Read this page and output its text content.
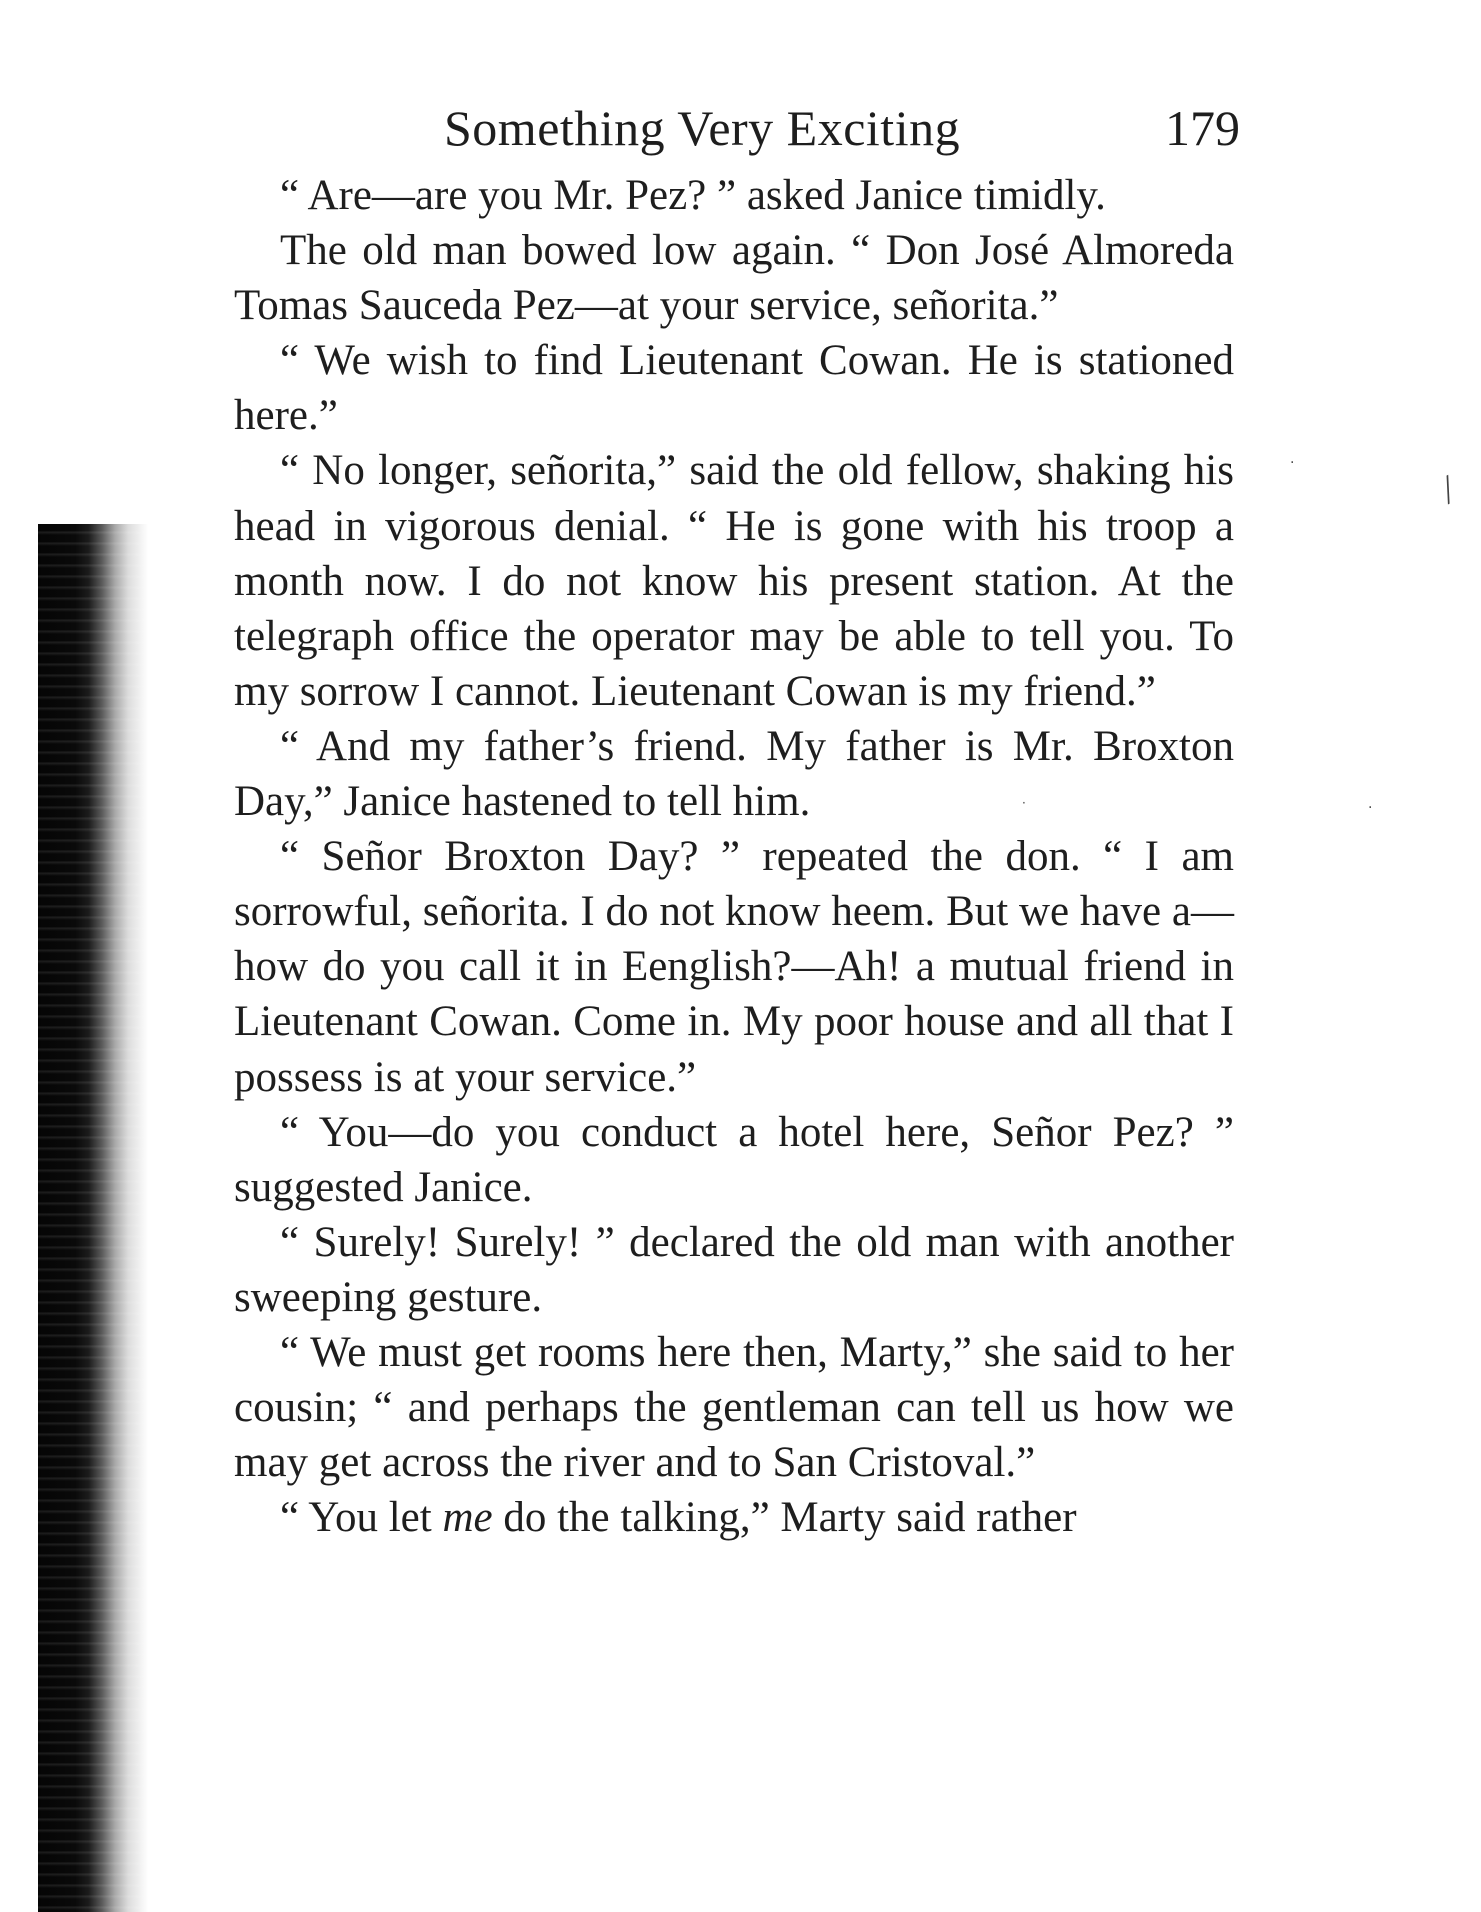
╱
·
·
·
Something Very Exciting	179

“ Are—are you Mr. Pez? ” asked Janice timidly.

The old man bowed low again. “ Don José Almoreda Tomas Sauceda Pez—at your service, señorita.”

“ We wish to find Lieutenant Cowan. He is stationed here.”

“ No longer, señorita,” said the old fellow, shaking his head in vigorous denial. “ He is gone with his troop a month now. I do not know his present station. At the telegraph office the operator may be able to tell you. To my sorrow I cannot. Lieutenant Cowan is my friend.”

“ And my father’s friend. My father is Mr. Broxton Day,” Janice hastened to tell him.

“ Señor Broxton Day? ” repeated the don. “ I am sorrowful, señorita. I do not know heem. But we have a—how do you call it in Eenglish?—Ah! a mutual friend in Lieutenant Cowan. Come in. My poor house and all that I possess is at your service.”

“ You—do you conduct a hotel here, Señor Pez? ” suggested Janice.

“ Surely! Surely! ” declared the old man with another sweeping gesture.

“ We must get rooms here then, Marty,” she said to her cousin; “ and perhaps the gentleman can tell us how we may get across the river and to San Cristoval.”

“ You let me do the talking,” Marty said rather
